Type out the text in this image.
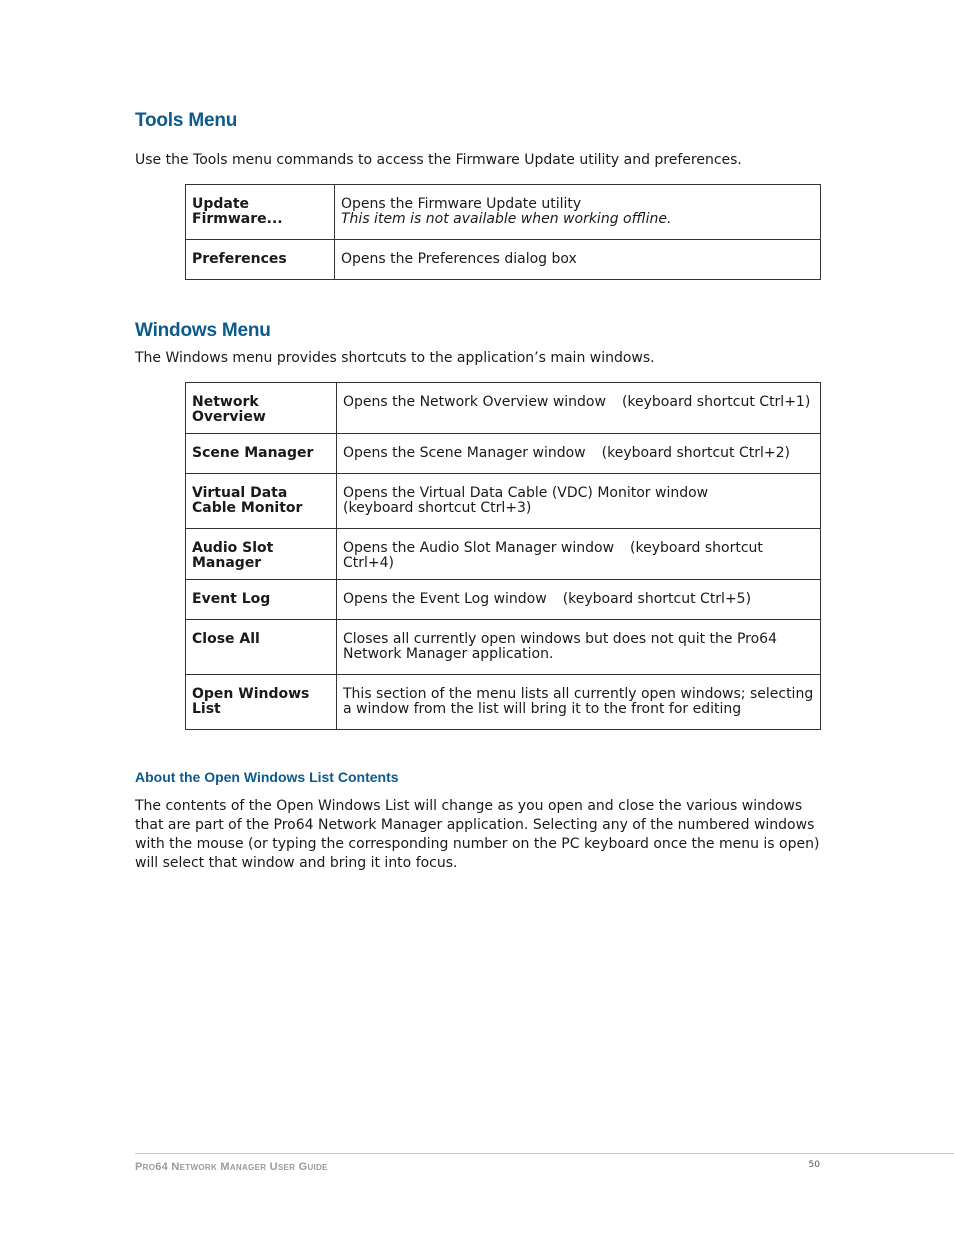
Tools Menu

Use the Tools menu commands to access the Firmware Update utility and preferences.

Update Firmware...	Opens the Firmware Update utility
This item is not available when working offline.

Preferences	Opens the Preferences dialog box
Windows Menu

The Windows menu provides shortcuts to the application’s main windows.

Network Overview	Opens the Network Overview window (keyboard shortcut Ctrl+1)
Scene Manager	Opens the Scene Manager window (keyboard shortcut Ctrl+2)
Virtual Data Cable Monitor	Opens the Virtual Data Cable (VDC) Monitor window
(keyboard shortcut Ctrl+3)
Audio Slot Manager	Opens the Audio Slot Manager window (keyboard shortcut Ctrl+4)
Event Log	Opens the Event Log window (keyboard shortcut Ctrl+5)
Close All	Closes all currently open windows but does not quit the Pro64 Network Manager application.
Open Windows List	This section of the menu lists all currently open windows; selecting a window from the list will bring it to the front for editing
About the Open Windows List Contents

The contents of the Open Windows List will change as you open and close the various windows that are part of the Pro64 Network Manager application. Selecting any of the numbered windows with the mouse (or typing the corresponding number on the PC keyboard once the menu is open) will select that window and bring it into focus.

Pro64 Network Manager User Guide	50
